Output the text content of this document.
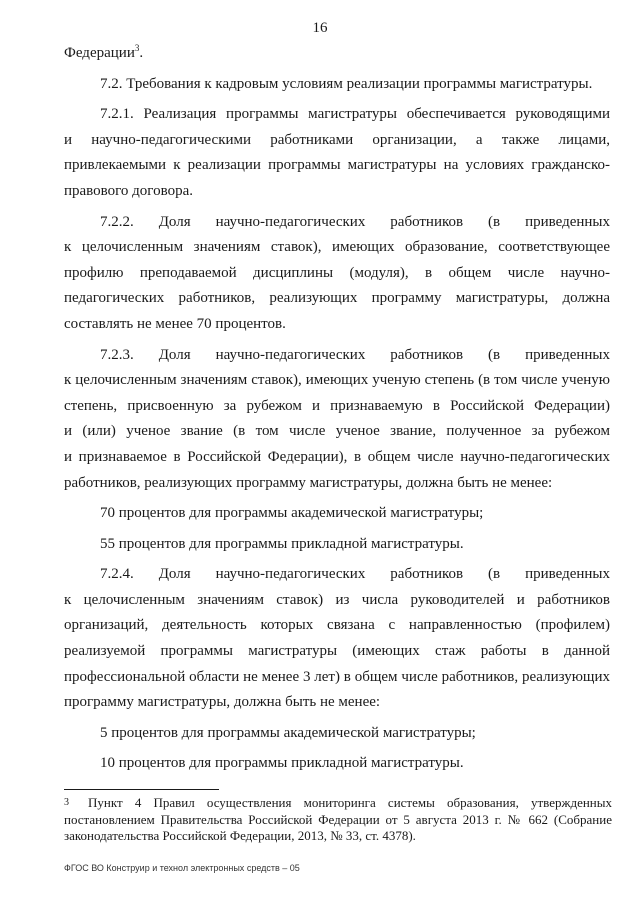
16
Федерации$^3$.
7.2. Требования к кадровым условиям реализации программы магистратуры.
7.2.1. Реализация программы магистратуры обеспечивается руководящими
и научно-педагогическими работниками организации, а также лицами,
привлекаемыми к реализации программы магистратуры на условиях гражданско-
правового договора.
7.2.2. Доля научно-педагогических работников (в приведенных
к целочисленным значениям ставок), имеющих образование, соответствующее
профилю преподаваемой дисциплины (модуля), в общем числе научно-
педагогических работников, реализующих программу магистратуры, должна
составлять не менее 70 процентов.
7.2.3. Доля научно-педагогических работников (в приведенных
к целочисленным значениям ставок), имеющих ученую степень (в том числе ученую
степень, присвоенную за рубежом и признаваемую в Российской Федерации)
и (или) ученое звание (в том числе ученое звание, полученное за рубежом
и признаваемое в Российской Федерации), в общем числе научно-педагогических
работников, реализующих программу магистратуры, должна быть не менее:
70 процентов для программы академической магистратуры;
55 процентов для программы прикладной магистратуры.
7.2.4. Доля научно-педагогических работников (в приведенных
к целочисленным значениям ставок) из числа руководителей и работников
организаций, деятельность которых связана с направленностью (профилем)
реализуемой программы магистратуры (имеющих стаж работы в данной
профессиональной области не менее 3 лет) в общем числе работников, реализующих
программу магистратуры, должна быть не менее:
5 процентов для программы академической магистратуры;
10 процентов для программы прикладной магистратуры.
3 Пункт 4 Правил осуществления мониторинга системы образования, утвержденных
постановлением Правительства Российской Федерации от 5 августа 2013 г. № 662 (Собрание
законодательства Российской Федерации, 2013, № 33, ст. 4378).
ФГОС ВО Конструир и технол электронных средств – 05
